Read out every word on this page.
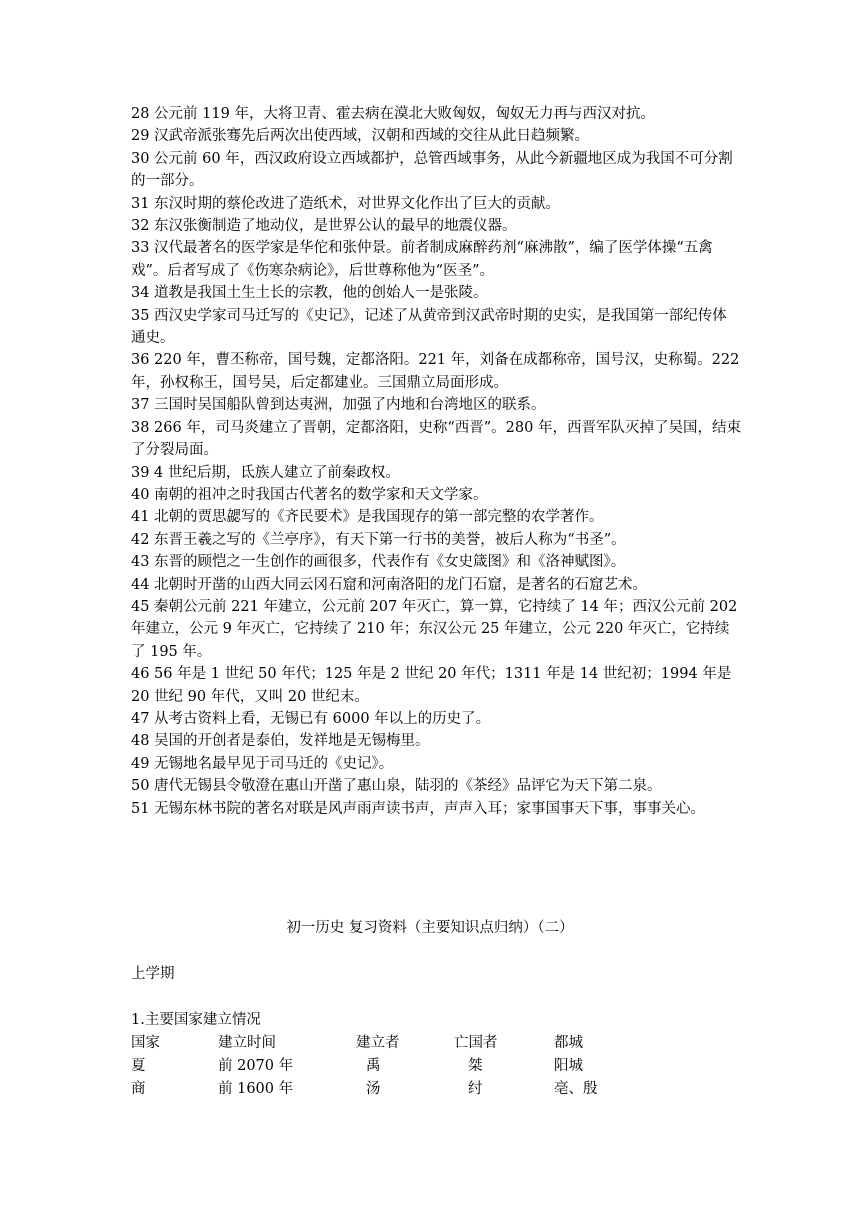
28 公元前 119 年，大将卫青、霍去病在漠北大败匈奴，匈奴无力再与西汉对抗。

29 汉武帝派张骞先后两次出使西域，汉朝和西域的交往从此日趋频繁。

30 公元前 60 年，西汉政府设立西域都护，总管西域事务，从此今新疆地区成为我国不可分割的一部分。

31 东汉时期的蔡伦改进了造纸术，对世界文化作出了巨大的贡献。

32 东汉张衡制造了地动仪，是世界公认的最早的地震仪器。

33 汉代最著名的医学家是华佗和张仲景。前者制成麻醉药剂“麻沸散”，编了医学体操“五禽戏”。后者写成了《伤寒杂病论》，后世尊称他为“医圣”。

34 道教是我国土生土长的宗教，他的创始人一是张陵。

35 西汉史学家司马迁写的《史记》，记述了从黄帝到汉武帝时期的史实，是我国第一部纪传体通史。

36 220 年，曹丕称帝，国号魏，定都洛阳。221 年，刘备在成都称帝，国号汉，史称蜀。222 年，孙权称王，国号吴，后定都建业。三国鼎立局面形成。

37 三国时吴国船队曾到达夷洲，加强了内地和台湾地区的联系。

38 266 年，司马炎建立了晋朝，定都洛阳，史称“西晋”。280 年，西晋军队灭掉了吴国，结束了分裂局面。

39 4 世纪后期，氐族人建立了前秦政权。

40 南朝的祖冲之时我国古代著名的数学家和天文学家。

41 北朝的贾思勰写的《齐民要术》是我国现存的第一部完整的农学著作。

42 东晋王羲之写的《兰亭序》，有天下第一行书的美誉，被后人称为“书圣”。

43 东晋的顾恺之一生创作的画很多，代表作有《女史箴图》和《洛神赋图》。

44 北朝时开凿的山西大同云冈石窟和河南洛阳的龙门石窟，是著名的石窟艺术。

45 秦朝公元前 221 年建立，公元前 207 年灭亡，算一算，它持续了 14 年；西汉公元前 202 年建立，公元 9 年灭亡，它持续了 210 年；东汉公元 25 年建立，公元 220 年灭亡，它持续了 195 年。

46 56 年是 1 世纪 50 年代；125 年是 2 世纪 20 年代；1311 年是 14 世纪初；1994 年是 20 世纪 90 年代，又叫 20 世纪末。

47 从考古资料上看，无锡已有 6000 年以上的历史了。

48 吴国的开创者是泰伯，发祥地是无锡梅里。

49 无锡地名最早见于司马迁的《史记》。

50 唐代无锡县令敬澄在惠山开凿了惠山泉，陆羽的《茶经》品评它为天下第二泉。

51 无锡东林书院的著名对联是风声雨声读书声，声声入耳；家事国事天下事，事事关心。

初一历史 复习资料（主要知识点归纳）（二）
上学期
1.主要国家建立情况
国家	建立时间	建立者	亡国者	都城
夏	前 2070 年	禹	桀	阳城
商	前 1600 年	汤	纣	亳、殷
